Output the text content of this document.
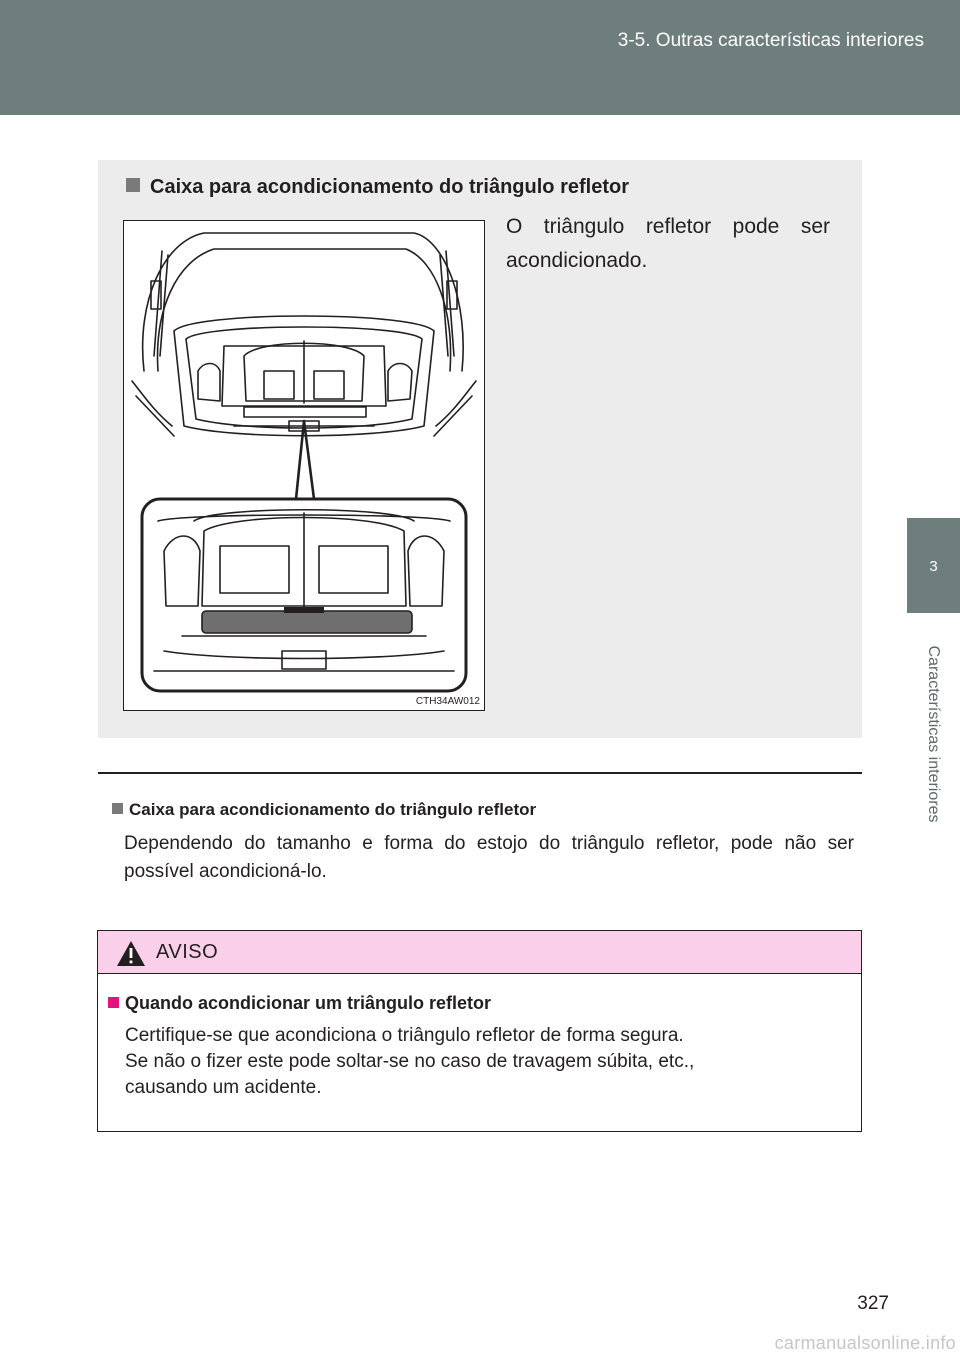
3-5. Outras características interiores
3
Características interiores
Caixa para acondicionamento do triângulo refletor
CTH34AW012
O triângulo refletor pode ser acondicionado.
Caixa para acondicionamento do triângulo refletor
Dependendo do tamanho e forma do estojo do triângulo refletor, pode não ser possível acondicioná-lo.
AVISO
Quando acondicionar um triângulo refletor

Certifique-se que acondiciona o triângulo refletor de forma segura.

Se não o fizer este pode soltar-se no caso de travagem súbita, etc.,

causando um acidente.

327
carmanualsonline.info
